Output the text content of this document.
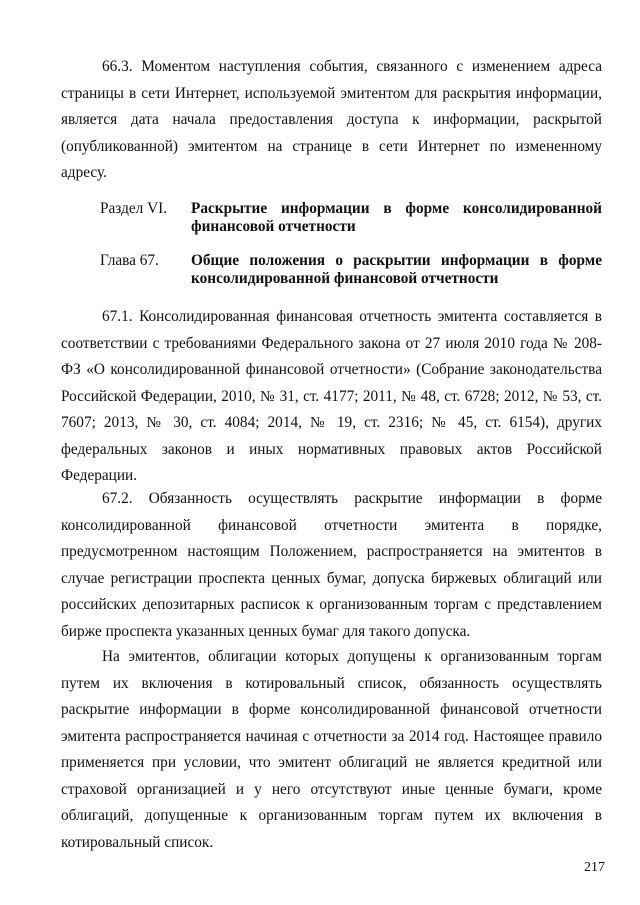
66.3. Моментом наступления события, связанного с изменением адреса страницы в сети Интернет, используемой эмитентом для раскрытия информации, является дата начала предоставления доступа к информации, раскрытой (опубликованной) эмитентом на странице в сети Интернет по измененному адресу.

Раздел VI. Раскрытие информации в форме консолидированной финансовой отчетности
Глава 67. Общие положения о раскрытии информации в форме консолидированной финансовой отчетности

67.1. Консолидированная финансовая отчетность эмитента составляется в соответствии с требованиями Федерального закона от 27 июля 2010 года № 208-ФЗ «О консолидированной финансовой отчетности» (Собрание законодательства Российской Федерации, 2010, № 31, ст. 4177; 2011, № 48, ст. 6728; 2012, № 53, ст. 7607; 2013, № 30, ст. 4084; 2014, № 19, ст. 2316; № 45, ст. 6154), других федеральных законов и иных нормативных правовых актов Российской Федерации.

67.2. Обязанность осуществлять раскрытие информации в форме консолидированной финансовой отчетности эмитента в порядке, предусмотренном настоящим Положением, распространяется на эмитентов в случае регистрации проспекта ценных бумаг, допуска биржевых облигаций или российских депозитарных расписок к организованным торгам с представлением бирже проспекта указанных ценных бумаг для такого допуска.

На эмитентов, облигации которых допущены к организованным торгам путем их включения в котировальный список, обязанность осуществлять раскрытие информации в форме консолидированной финансовой отчетности эмитента распространяется начиная с отчетности за 2014 год. Настоящее правило применяется при условии, что эмитент облигаций не является кредитной или страховой организацией и у него отсутствуют иные ценные бумаги, кроме облигаций, допущенные к организованным торгам путем их включения в котировальный список.

217
